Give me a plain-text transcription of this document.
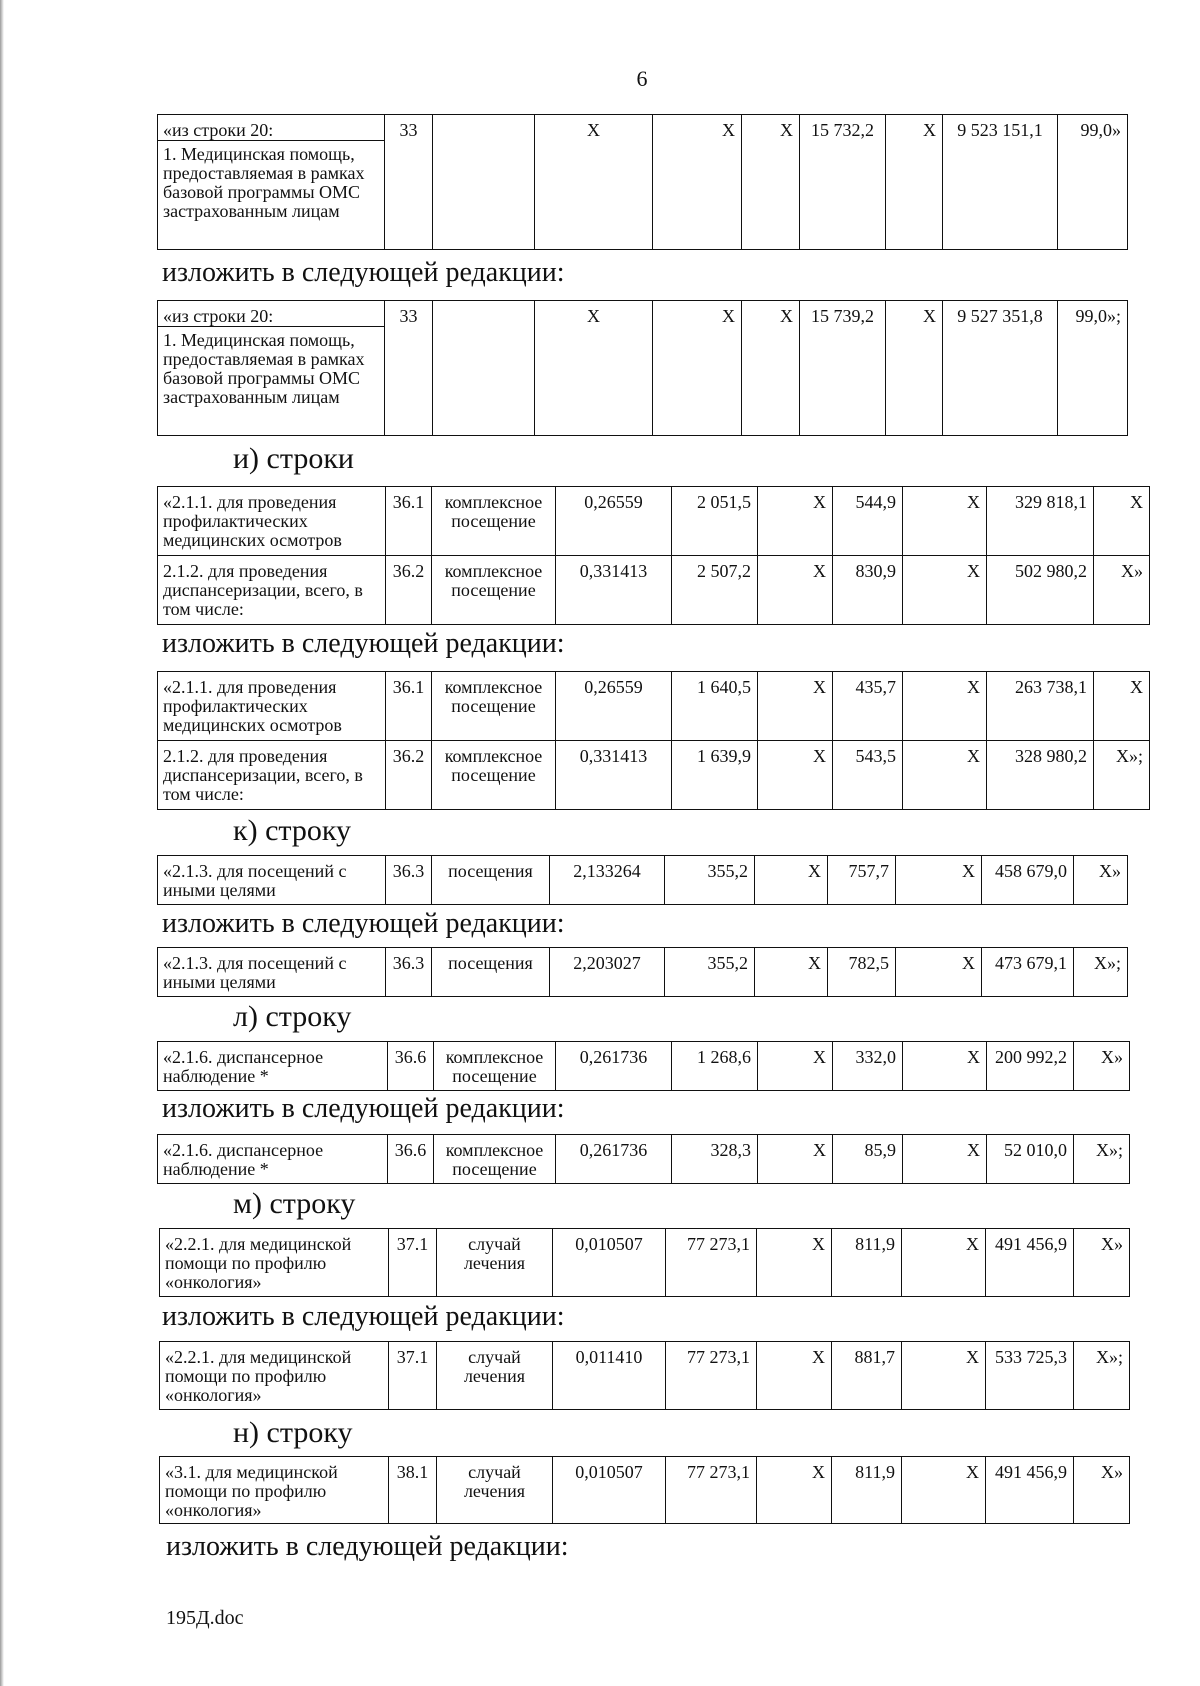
6
«из строки 20:	33		X	X	X	15 732,2	X	9 523 151,1	99,0»
1. Медицинская помощь, предоставляемая в рамках базовой программы ОМС застрахованным лицам
изложить в следующей редакции:
«из строки 20:	33		X	X	X	15 739,2	X	9 527 351,8	99,0»;
1. Медицинская помощь, предоставляемая в рамках базовой программы ОМС застрахованным лицам
и) строки
«2.1.1. для проведения профилактических медицинских осмотров	36.1	комплексное посещение	0,26559	2 051,5	X	544,9	X	329 818,1	X
2.1.2. для проведения диспансеризации, всего, в том числе:	36.2	комплексное посещение	0,331413	2 507,2	X	830,9	X	502 980,2	X»
изложить в следующей редакции:
«2.1.1. для проведения профилактических медицинских осмотров	36.1	комплексное посещение	0,26559	1 640,5	X	435,7	X	263 738,1	X
2.1.2. для проведения диспансеризации, всего, в том числе:	36.2	комплексное посещение	0,331413	1 639,9	X	543,5	X	328 980,2	X»;
к) строку
«2.1.3. для посещений с иными целями	36.3	посещения	2,133264	355,2	X	757,7	X	458 679,0	X»
изложить в следующей редакции:
«2.1.3. для посещений с иными целями	36.3	посещения	2,203027	355,2	X	782,5	X	473 679,1	X»;
л) строку
«2.1.6. диспансерное наблюдение *	36.6	комплексное посещение	0,261736	1 268,6	X	332,0	X	200 992,2	X»
изложить в следующей редакции:
«2.1.6. диспансерное наблюдение *	36.6	комплексное посещение	0,261736	328,3	X	85,9	X	52 010,0	X»;
м) строку
«2.2.1. для медицинской помощи по профилю «онкология»	37.1	случай лечения	0,010507	77 273,1	X	811,9	X	491 456,9	X»
изложить в следующей редакции:
«2.2.1. для медицинской помощи по профилю «онкология»	37.1	случай лечения	0,011410	77 273,1	X	881,7	X	533 725,3	X»;
н) строку
«3.1. для медицинской помощи по профилю «онкология»	38.1	случай лечения	0,010507	77 273,1	X	811,9	X	491 456,9	X»
изложить в следующей редакции:
195Д.doc
